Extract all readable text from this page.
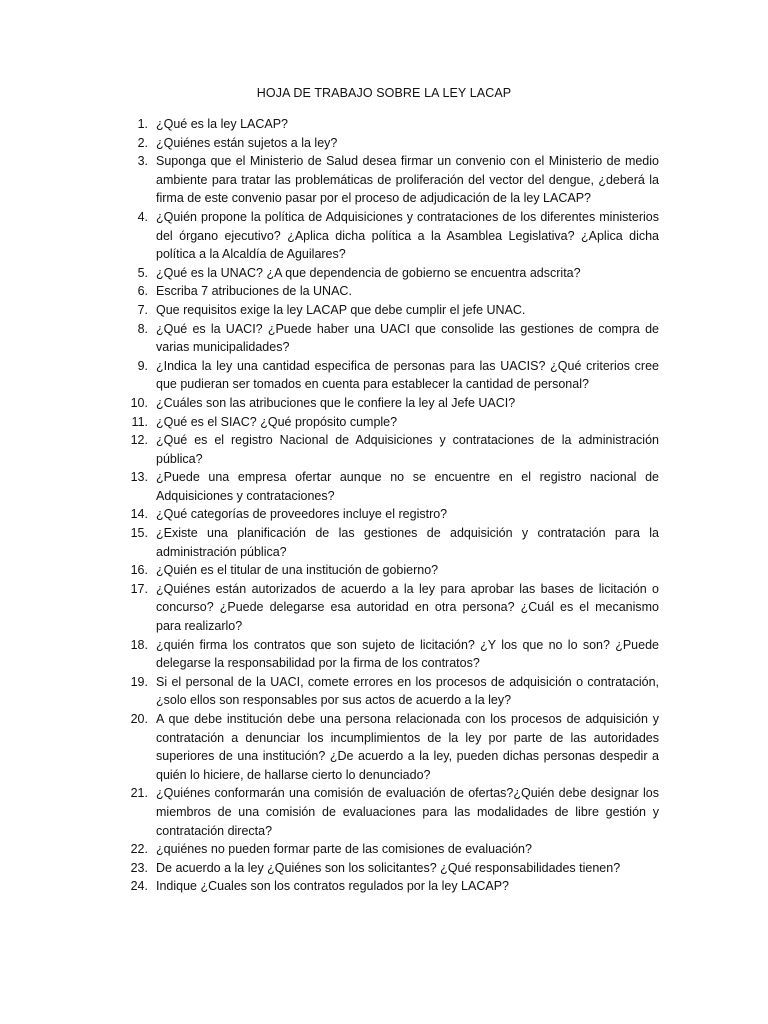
HOJA DE TRABAJO SOBRE LA LEY LACAP
1. ¿Qué es la ley LACAP?
2. ¿Quiénes están sujetos a la ley?
3. Suponga que el Ministerio de Salud desea firmar un convenio con el Ministerio de medio ambiente para tratar las problemáticas de proliferación del vector del dengue, ¿deberá la firma de este convenio pasar por el proceso de adjudicación de la ley LACAP?
4. ¿Quién propone la política de Adquisiciones y contrataciones de los diferentes ministerios del órgano ejecutivo? ¿Aplica dicha política a la Asamblea Legislativa? ¿Aplica dicha política a la Alcaldía de Aguilares?
5. ¿Qué es la UNAC? ¿A que dependencia de gobierno se encuentra adscrita?
6. Escriba 7 atribuciones de la UNAC.
7. Que requisitos exige la ley LACAP que debe cumplir el jefe UNAC.
8. ¿Qué es la UACI? ¿Puede haber una UACI que consolide las gestiones de compra de varias municipalidades?
9. ¿Indica la ley una cantidad especifica de personas para las UACIS? ¿Qué criterios cree que pudieran ser tomados en cuenta para establecer la cantidad de personal?
10. ¿Cuáles son las atribuciones que le confiere la ley al Jefe UACI?
11. ¿Qué es el SIAC? ¿Qué propósito cumple?
12. ¿Qué es el registro Nacional de Adquisiciones y contrataciones de la administración pública?
13. ¿Puede una empresa ofertar aunque no se encuentre en el registro nacional de Adquisiciones y contrataciones?
14. ¿Qué categorías de proveedores incluye el registro?
15. ¿Existe una planificación de las gestiones de adquisición y contratación para la administración pública?
16. ¿Quién es el titular de una institución de gobierno?
17. ¿Quiénes están autorizados de acuerdo a la ley para aprobar las bases de licitación o concurso? ¿Puede delegarse esa autoridad en otra persona? ¿Cuál es el mecanismo para realizarlo?
18. ¿quién firma los contratos que son sujeto de licitación? ¿Y los que no lo son? ¿Puede delegarse la responsabilidad por la firma de los contratos?
19. Si el personal de la UACI, comete errores en los procesos de adquisición o contratación, ¿solo ellos son responsables por sus actos de acuerdo a la ley?
20. A que debe institución debe una persona relacionada con los procesos de adquisición y contratación a denunciar los incumplimientos de la ley por parte de las autoridades superiores de una institución? ¿De acuerdo a la ley, pueden dichas personas despedir a quién lo hiciere, de hallarse cierto lo denunciado?
21. ¿Quiénes conformarán una comisión de evaluación de ofertas?¿Quién debe designar los miembros de una comisión de evaluaciones para las modalidades de libre gestión y contratación directa?
22. ¿quiénes no pueden formar parte de las comisiones de evaluación?
23. De acuerdo a la ley ¿Quiénes son los solicitantes? ¿Qué responsabilidades tienen?
24. Indique ¿Cuales son los contratos regulados por la ley LACAP?
